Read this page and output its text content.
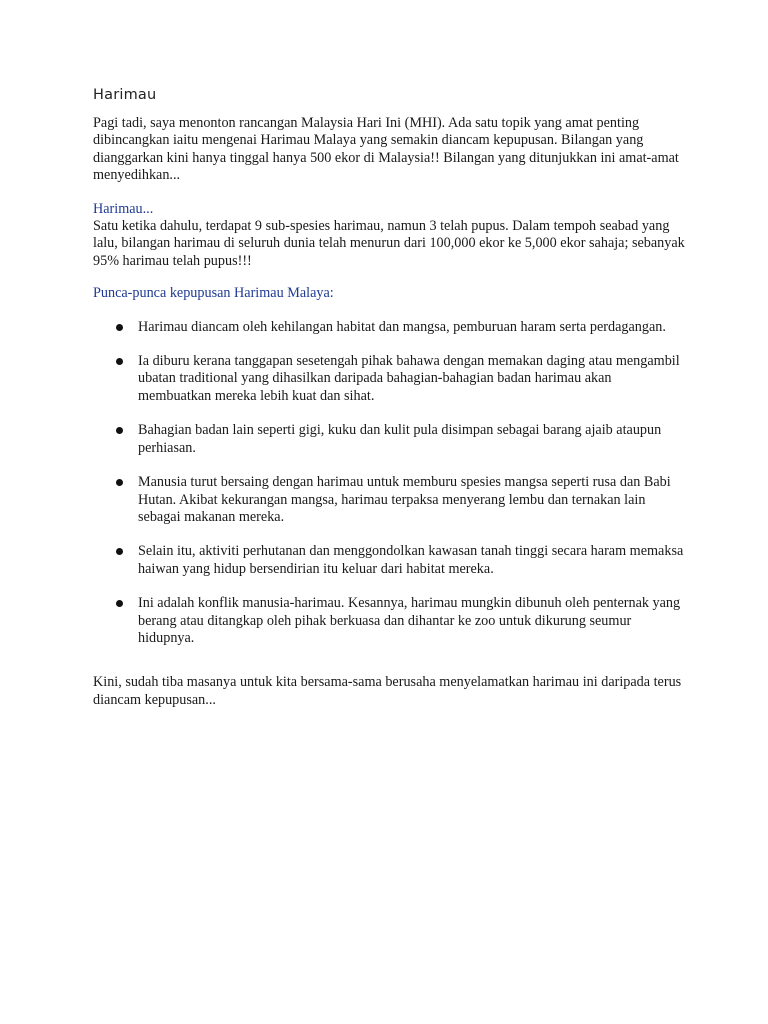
Harimau

Pagi tadi, saya menonton rancangan Malaysia Hari Ini (MHI). Ada satu topik yang amat penting dibincangkan iaitu mengenai Harimau Malaya yang semakin diancam kepupusan. Bilangan yang dianggarkan kini hanya tinggal hanya 500 ekor di Malaysia!! Bilangan yang ditunjukkan ini amat-amat menyedihkan...

Harimau...

Satu ketika dahulu, terdapat 9 sub-spesies harimau, namun 3 telah pupus. Dalam tempoh seabad yang lalu, bilangan harimau di seluruh dunia telah menurun dari 100,000 ekor ke 5,000 ekor sahaja; sebanyak 95% harimau telah pupus!!!

Punca-punca kepupusan Harimau Malaya:

Harimau diancam oleh kehilangan habitat dan mangsa, pemburuan haram serta perdagangan.
Ia diburu kerana tanggapan sesetengah pihak bahawa dengan memakan daging atau mengambil ubatan traditional yang dihasilkan daripada bahagian-bahagian badan harimau akan membuatkan mereka lebih kuat dan sihat.
Bahagian badan lain seperti gigi, kuku dan kulit pula disimpan sebagai barang ajaib ataupun perhiasan.
Manusia turut bersaing dengan harimau untuk memburu spesies mangsa seperti rusa dan Babi Hutan. Akibat kekurangan mangsa, harimau terpaksa menyerang lembu dan ternakan lain sebagai makanan mereka.
Selain itu, aktiviti perhutanan dan menggondolkan kawasan tanah tinggi secara haram memaksa haiwan yang hidup bersendirian itu keluar dari habitat mereka.
Ini adalah konflik manusia-harimau. Kesannya, harimau mungkin dibunuh oleh penternak yang berang atau ditangkap oleh pihak berkuasa dan dihantar ke zoo untuk dikurung seumur hidupnya.

Kini, sudah tiba masanya untuk kita bersama-sama berusaha menyelamatkan harimau ini daripada terus diancam kepupusan...
